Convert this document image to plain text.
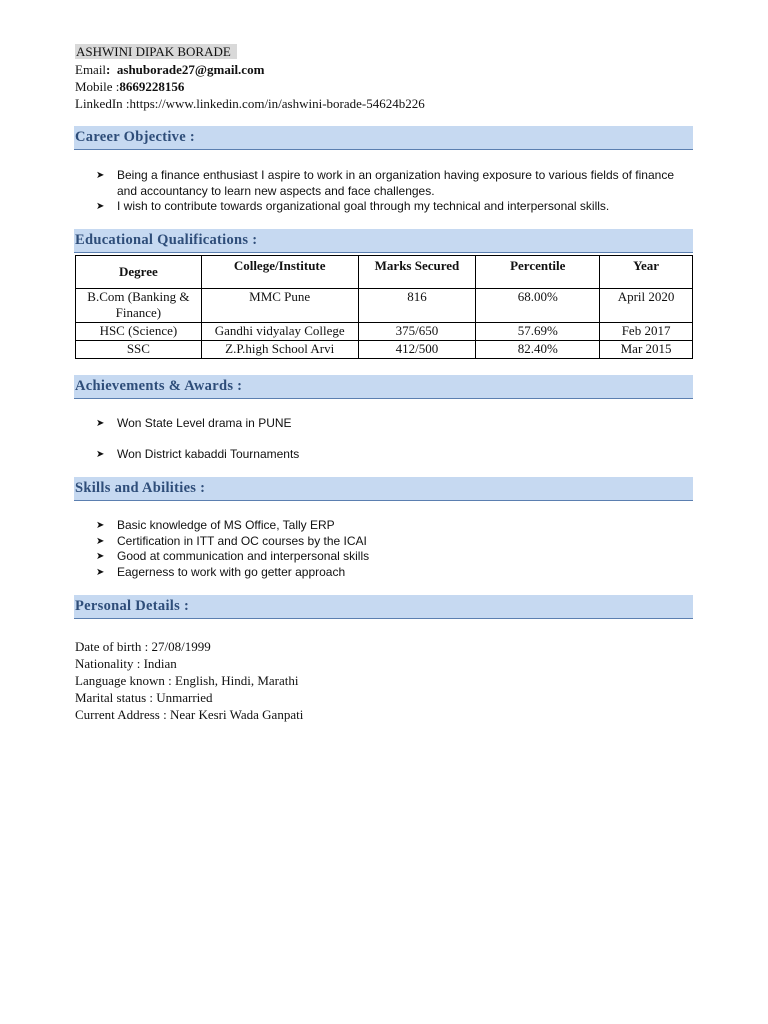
ASHWINI DIPAK BORADE
Email:  ashuborade27@gmail.com
Mobile :8669228156
LinkedIn :https://www.linkedin.com/in/ashwini-borade-54624b226
Career Objective :
➤ Being a finance enthusiast I aspire to work in an organization having exposure to various fields of finance and accountancy to learn new aspects and face challenges.
➤ I wish to contribute towards organizational goal through my technical and interpersonal skills.
Educational Qualifications :
Degree	College/Institute	Marks Secured	Percentile	Year
B.Com (Banking & Finance)	MMC Pune	816	68.00%	April 2020
HSC (Science)	Gandhi vidyalay College	375/650	57.69%	Feb 2017
SSC	Z.P.high School Arvi	412/500	82.40%	Mar 2015
Achievements & Awards :
➤ Won State Level drama in PUNE
➤ Won District kabaddi Tournaments
Skills and Abilities :
➤ Basic knowledge of MS Office, Tally ERP
➤ Certification in ITT and OC courses by the ICAI
➤ Good at communication and interpersonal skills
➤ Eagerness to work with go getter approach
Personal Details :
Date of birth : 27/08/1999
Nationality : Indian
Language known : English, Hindi, Marathi
Marital status : Unmarried
Current Address : Near Kesri Wada Ganpati
